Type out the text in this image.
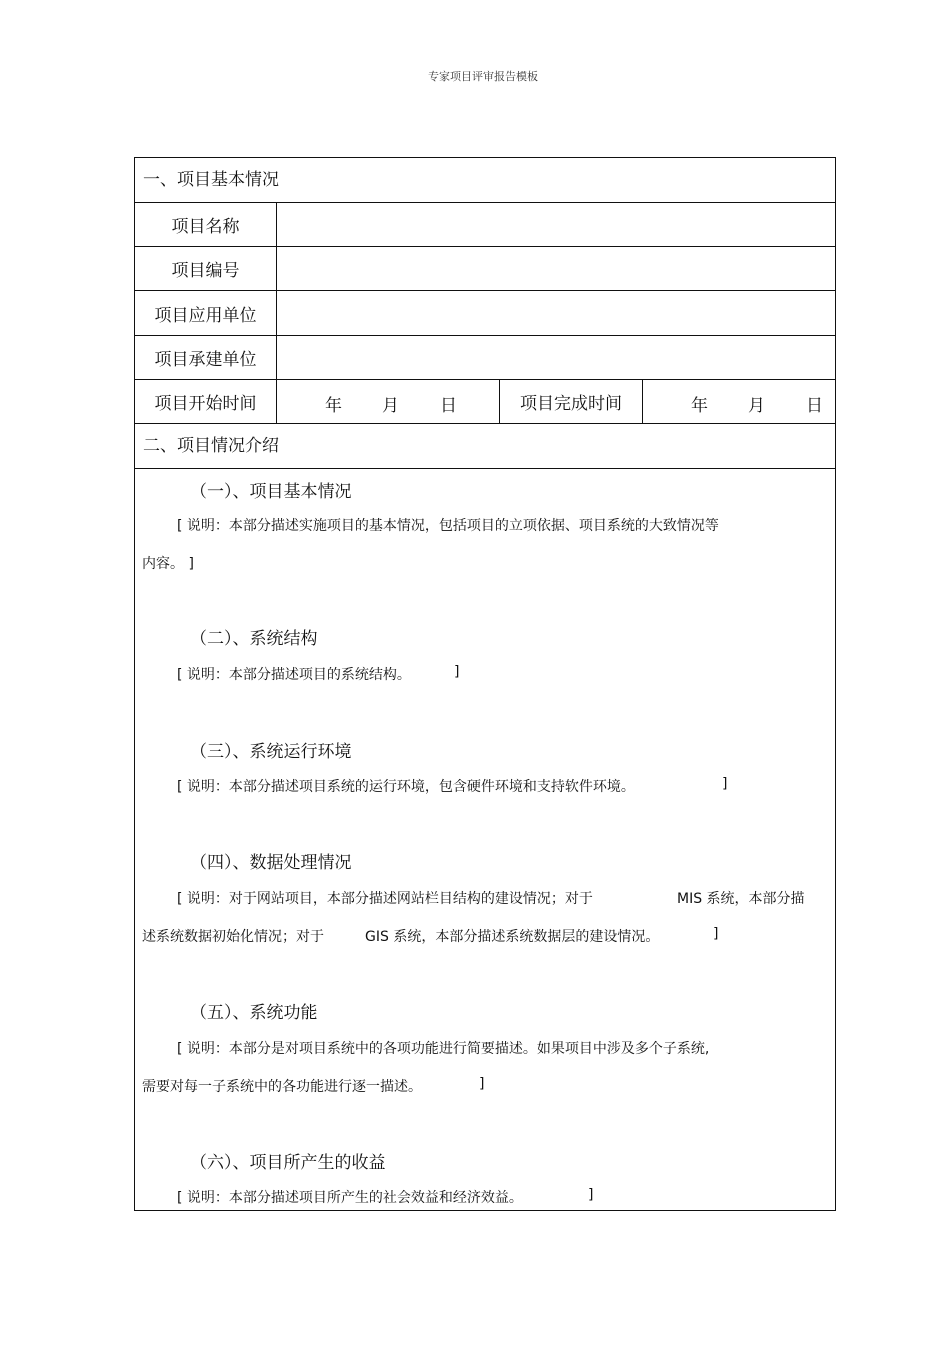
专家项目评审报告模板
一、项目基本情况
项目名称
项目编号
项目应用单位
项目承建单位
项目开始时间	年 月 日	项目完成时间	年 月 日
二、项目情况介绍
（一）、项目基本情况
[ 说明：本部分描述实施项目的基本情况，包括项目的立项依据、项目系统的大致情况等
内容。 ]
（二）、系统结构
[ 说明：本部分描述项目的系统结构。	]
（三）、系统运行环境
[ 说明：本部分描述项目系统的运行环境，包含硬件环境和支持软件环境。	]
（四）、数据处理情况
[ 说明：对于网站项目，本部分描述网站栏目结构的建设情况；对于	MIS 系统，本部分描
述系统数据初始化情况；对于	GIS 系统，本部分描述系统数据层的建设情况。	]
（五）、系统功能
[ 说明：本部分是对项目系统中的各项功能进行简要描述。如果项目中涉及多个子系统,
需要对每一子系统中的各功能进行逐一描述。	]
（六）、项目所产生的收益
[ 说明：本部分描述项目所产生的社会效益和经济效益。	]
